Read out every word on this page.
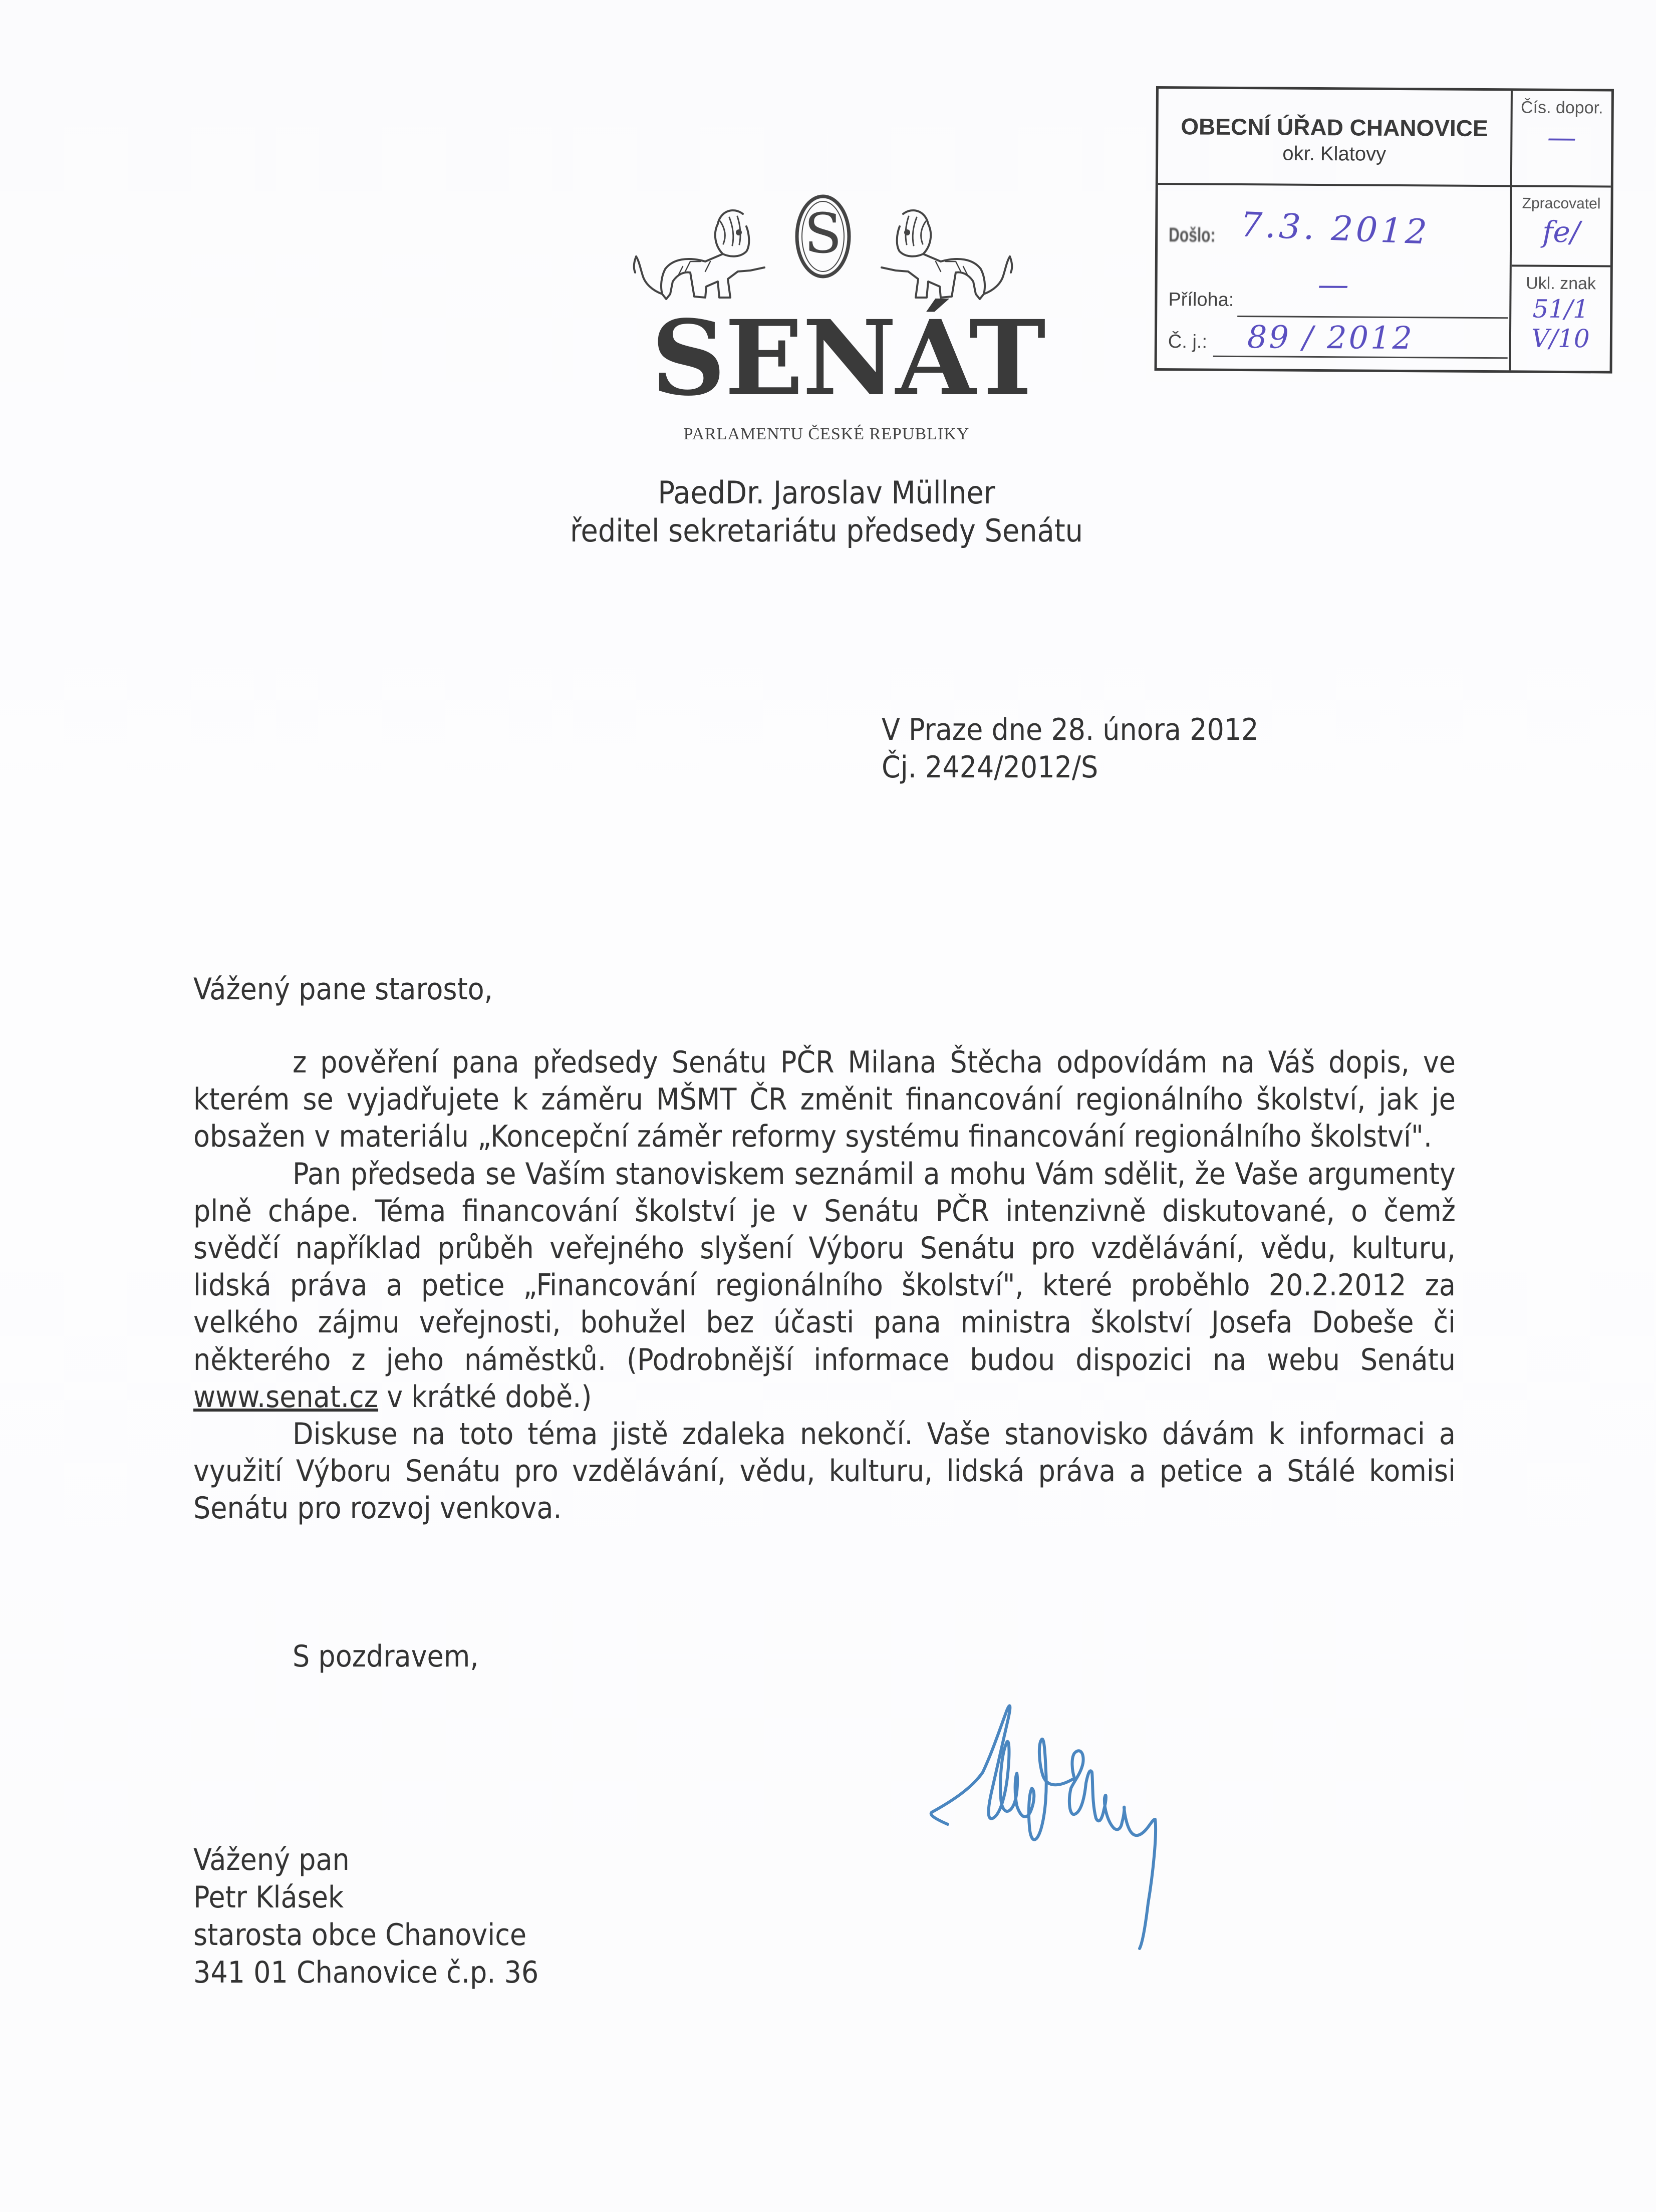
OBECNÍ ÚŘAD CHANOVICE
okr. Klatovy
Došlo: 7.3. 2012
Příloha:	—
Č. j.: 89 / 2012
Čís. dopor.
—
Zpracovatel
fe/
Ukl. znak
51/1
V/10
S
SENÁT
PARLAMENTU ČESKÉ REPUBLIKY
PaedDr. Jaroslav Müllner
ředitel sekretariátu předsedy Senátu
V Praze dne 28. února 2012
Čj. 2424/2012/S
Vážený pane starosto,

z pověření pana předsedy Senátu PČR Milana Štěcha odpovídám na Váš dopis, ve kterém se vyjadřujete k záměru MŠMT ČR změnit financování regionálního školství, jak je obsažen v materiálu „Koncepční záměr reformy systému financování regionálního školství".

Pan předseda se Vaším stanoviskem seznámil a mohu Vám sdělit, že Vaše argumenty plně chápe. Téma financování školství je v Senátu PČR intenzivně diskutované, o čemž svědčí například průběh veřejného slyšení Výboru Senátu pro vzdělávání, vědu, kulturu, lidská práva a petice „Financování regionálního školství", které proběhlo 20.2.2012 za velkého zájmu veřejnosti, bohužel bez účasti pana ministra školství Josefa Dobeše či některého z jeho náměstků. (Podrobnější informace budou dispozici na webu Senátu www.senat.cz v krátké době.)

Diskuse na toto téma jistě zdaleka nekončí. Vaše stanovisko dávám k informaci a využití Výboru Senátu pro vzdělávání, vědu, kulturu, lidská práva a petice a Stálé komisi Senátu pro rozvoj venkova.

S pozdravem,
Vážený pan
Petr Klásek
starosta obce Chanovice
341 01 Chanovice č.p. 36
